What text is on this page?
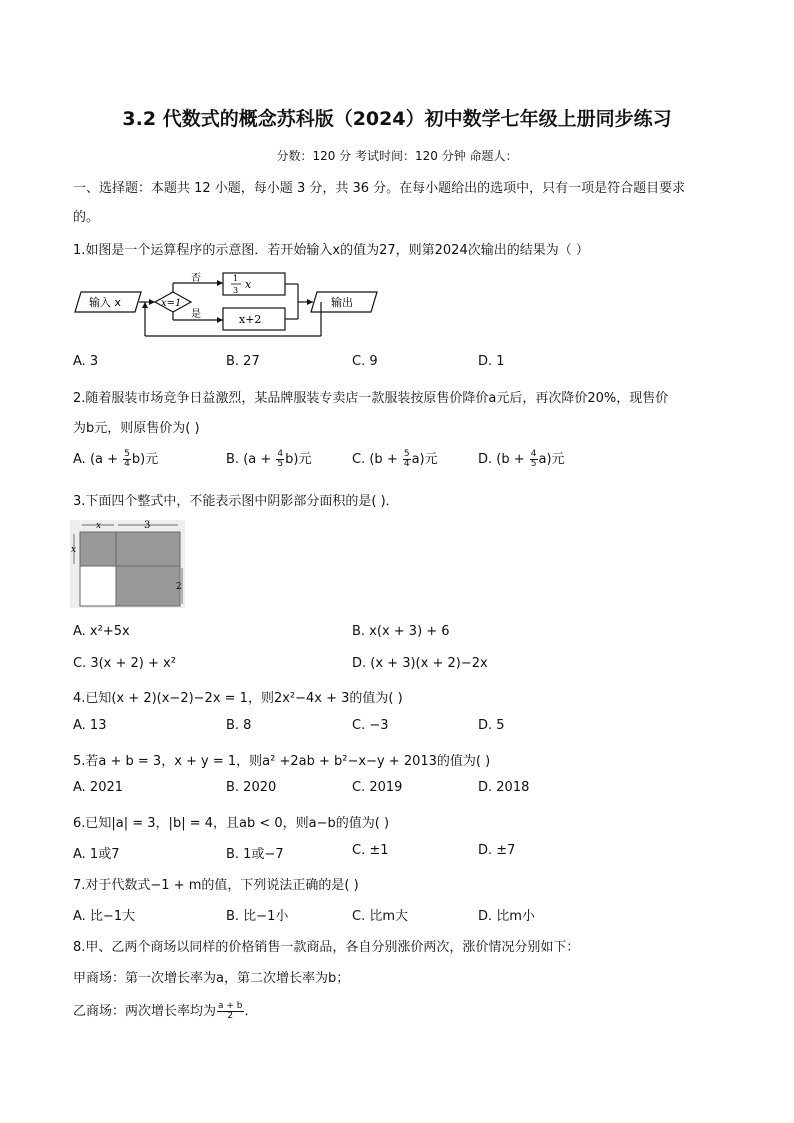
3.2 代数式的概念苏科版（2024）初中数学七年级上册同步练习
分数：120 分 考试时间：120 分钟 命题人：
一、选择题：本题共 12 小题，每小题 3 分，共 36 分。在每小题给出的选项中，只有一项是符合题目要求
的。
1.如图是一个运算程序的示意图．若开始输入x的值为27，则第2024次输出的结果为（ ）
输入 x	x=1
否
是
1
3 x
x+2
输出
A. 3	B. 27	C. 9	D. 1
2.随着服装市场竞争日益激烈，某品牌服装专卖店一款服装按原售价降价a元后，再次降价20%，现售价
为b元，则原售价为( )
A. $(a + \frac{5}{4} b)$元	B. $(a + \frac{4}{5} b)$元	C. $(b + \frac{5}{4} a)$元	D. $(b + \frac{4}{5} a)$元
3.下面四个整式中，不能表示图中阴影部分面积的是( )．
x	3
x
2
A. x²+5x	B. x(x + 3) + 6
C. 3(x + 2) + x²	D. (x + 3)(x + 2)−2x
4.已知(x + 2)(x−2)−2x = 1，则2x²−4x + 3的值为( )
A. 13	B. 8	C. −3	D. 5
5.若a + b = 3，x + y = 1，则a² +2ab + b²−x−y + 2013的值为( )
A. 2021	B. 2020	C. 2019	D. 2018
6.已知|a| = 3，|b| = 4，且ab < 0，则a−b的值为( )
A. 1或7	B. 1或−7	C. ±1	D. ±7
7.对于代数式−1 + m的值，下列说法正确的是( )
A. 比−1大	B. 比−1小	C. 比m大	D. 比m小
8.甲、乙两个商场以同样的价格销售一款商品，各自分别涨价两次，涨价情况分别如下：
甲商场：第一次增长率为a，第二次增长率为b；
乙商场：两次增长率均为 $\frac{a + b}{2}$ ．
